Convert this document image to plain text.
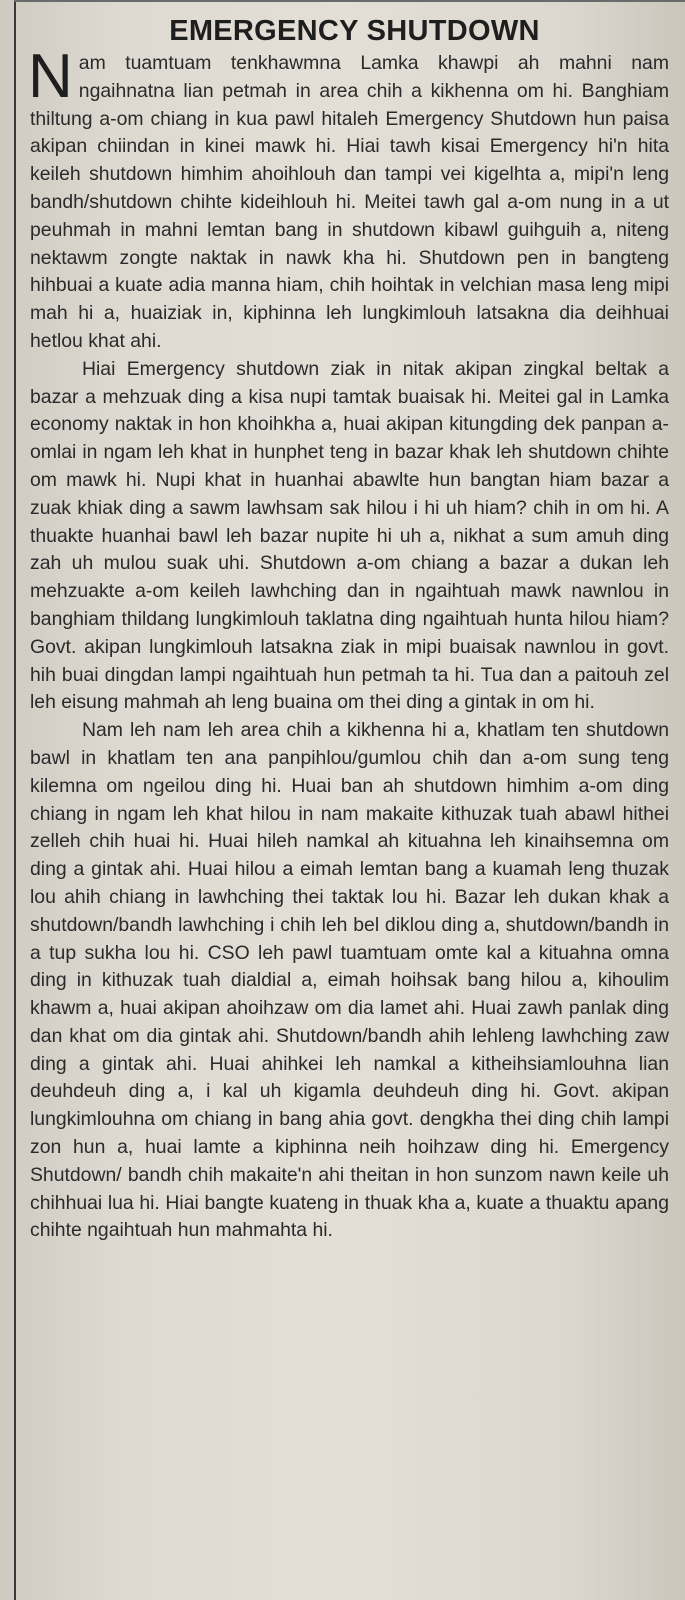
EMERGENCY SHUTDOWN

Nam tuamtuam tenkhawmna Lamka khawpi ah mahni nam ngaihnatna lian petmah in area chih a kikhenna om hi. Banghiam thiltung a-om chiang in kua pawl hitaleh Emergency Shutdown hun paisa akipan chiindan in kinei mawk hi. Hiai tawh kisai Emergency hi'n hita keileh shutdown himhim ahoihlouh dan tampi vei kigelhta a, mipi'n leng bandh/shutdown chihte kideihlouh hi. Meitei tawh gal a-om nung in a ut peuhmah in mahni lemtan bang in shutdown kibawl guihguih a, niteng nektawm zongte naktak in nawk kha hi. Shutdown pen in bangteng hihbuai a kuate adia manna hiam, chih hoihtak in velchian masa leng mipi mah hi a, huaiziak in, kiphinna leh lungkimlouh latsakna dia deihhuai hetlou khat ahi.

Hiai Emergency shutdown ziak in nitak akipan zingkal beltak a bazar a mehzuak ding a kisa nupi tamtak buaisak hi. Meitei gal in Lamka economy naktak in hon khoihkha a, huai akipan kitungding dek panpan a-omlai in ngam leh khat in hunphet teng in bazar khak leh shutdown chihte om mawk hi. Nupi khat in huanhai abawlte hun bangtan hiam bazar a zuak khiak ding a sawm lawhsam sak hilou i hi uh hiam? chih in om hi. A thuakte huanhai bawl leh bazar nupite hi uh a, nikhat a sum amuh ding zah uh mulou suak uhi. Shutdown a-om chiang a bazar a dukan leh mehzuakte a-om keileh lawhching dan in ngaihtuah mawk nawnlou in banghiam thildang lungkimlouh taklatna ding ngaihtuah hunta hilou hiam? Govt. akipan lungkimlouh latsakna ziak in mipi buaisak nawnlou in govt. hih buai dingdan lampi ngaihtuah hun petmah ta hi. Tua dan a paitouh zel leh eisung mahmah ah leng buaina om thei ding a gintak in om hi.

Nam leh nam leh area chih a kikhenna hi a, khatlam ten shutdown bawl in khatlam ten ana panpihlou/gumlou chih dan a-om sung teng kilemna om ngeilou ding hi. Huai ban ah shutdown himhim a-om ding chiang in ngam leh khat hilou in nam makaite kithuzak tuah abawl hithei zelleh chih huai hi. Huai hileh namkal ah kituahna leh kinaihsemna om ding a gintak ahi. Huai hilou a eimah lemtan bang a kuamah leng thuzak lou ahih chiang in lawhching thei taktak lou hi. Bazar leh dukan khak a shutdown/bandh lawhching i chih leh bel diklou ding a, shutdown/bandh in a tup sukha lou hi. CSO leh pawl tuamtuam omte kal a kituahna omna ding in kithuzak tuah dialdial a, eimah hoihsak bang hilou a, kihoulim khawm a, huai akipan ahoihzaw om dia lamet ahi. Huai zawh panlak ding dan khat om dia gintak ahi. Shutdown/bandh ahih lehleng lawhching zaw ding a gintak ahi. Huai ahihkei leh namkal a kitheihsiamlouhna lian deuhdeuh ding a, i kal uh kigamla deuhdeuh ding hi. Govt. akipan lungkimlouhna om chiang in bang ahia govt. dengkha thei ding chih lampi zon hun a, huai lamte a kiphinna neih hoihzaw ding hi. Emergency Shutdown/ bandh chih makaite'n ahi theitan in hon sunzom nawn keile uh chihhuai lua hi. Hiai bangte kuateng in thuak kha a, kuate a thuaktu apang chihte ngaihtuah hun mahmahta hi.
